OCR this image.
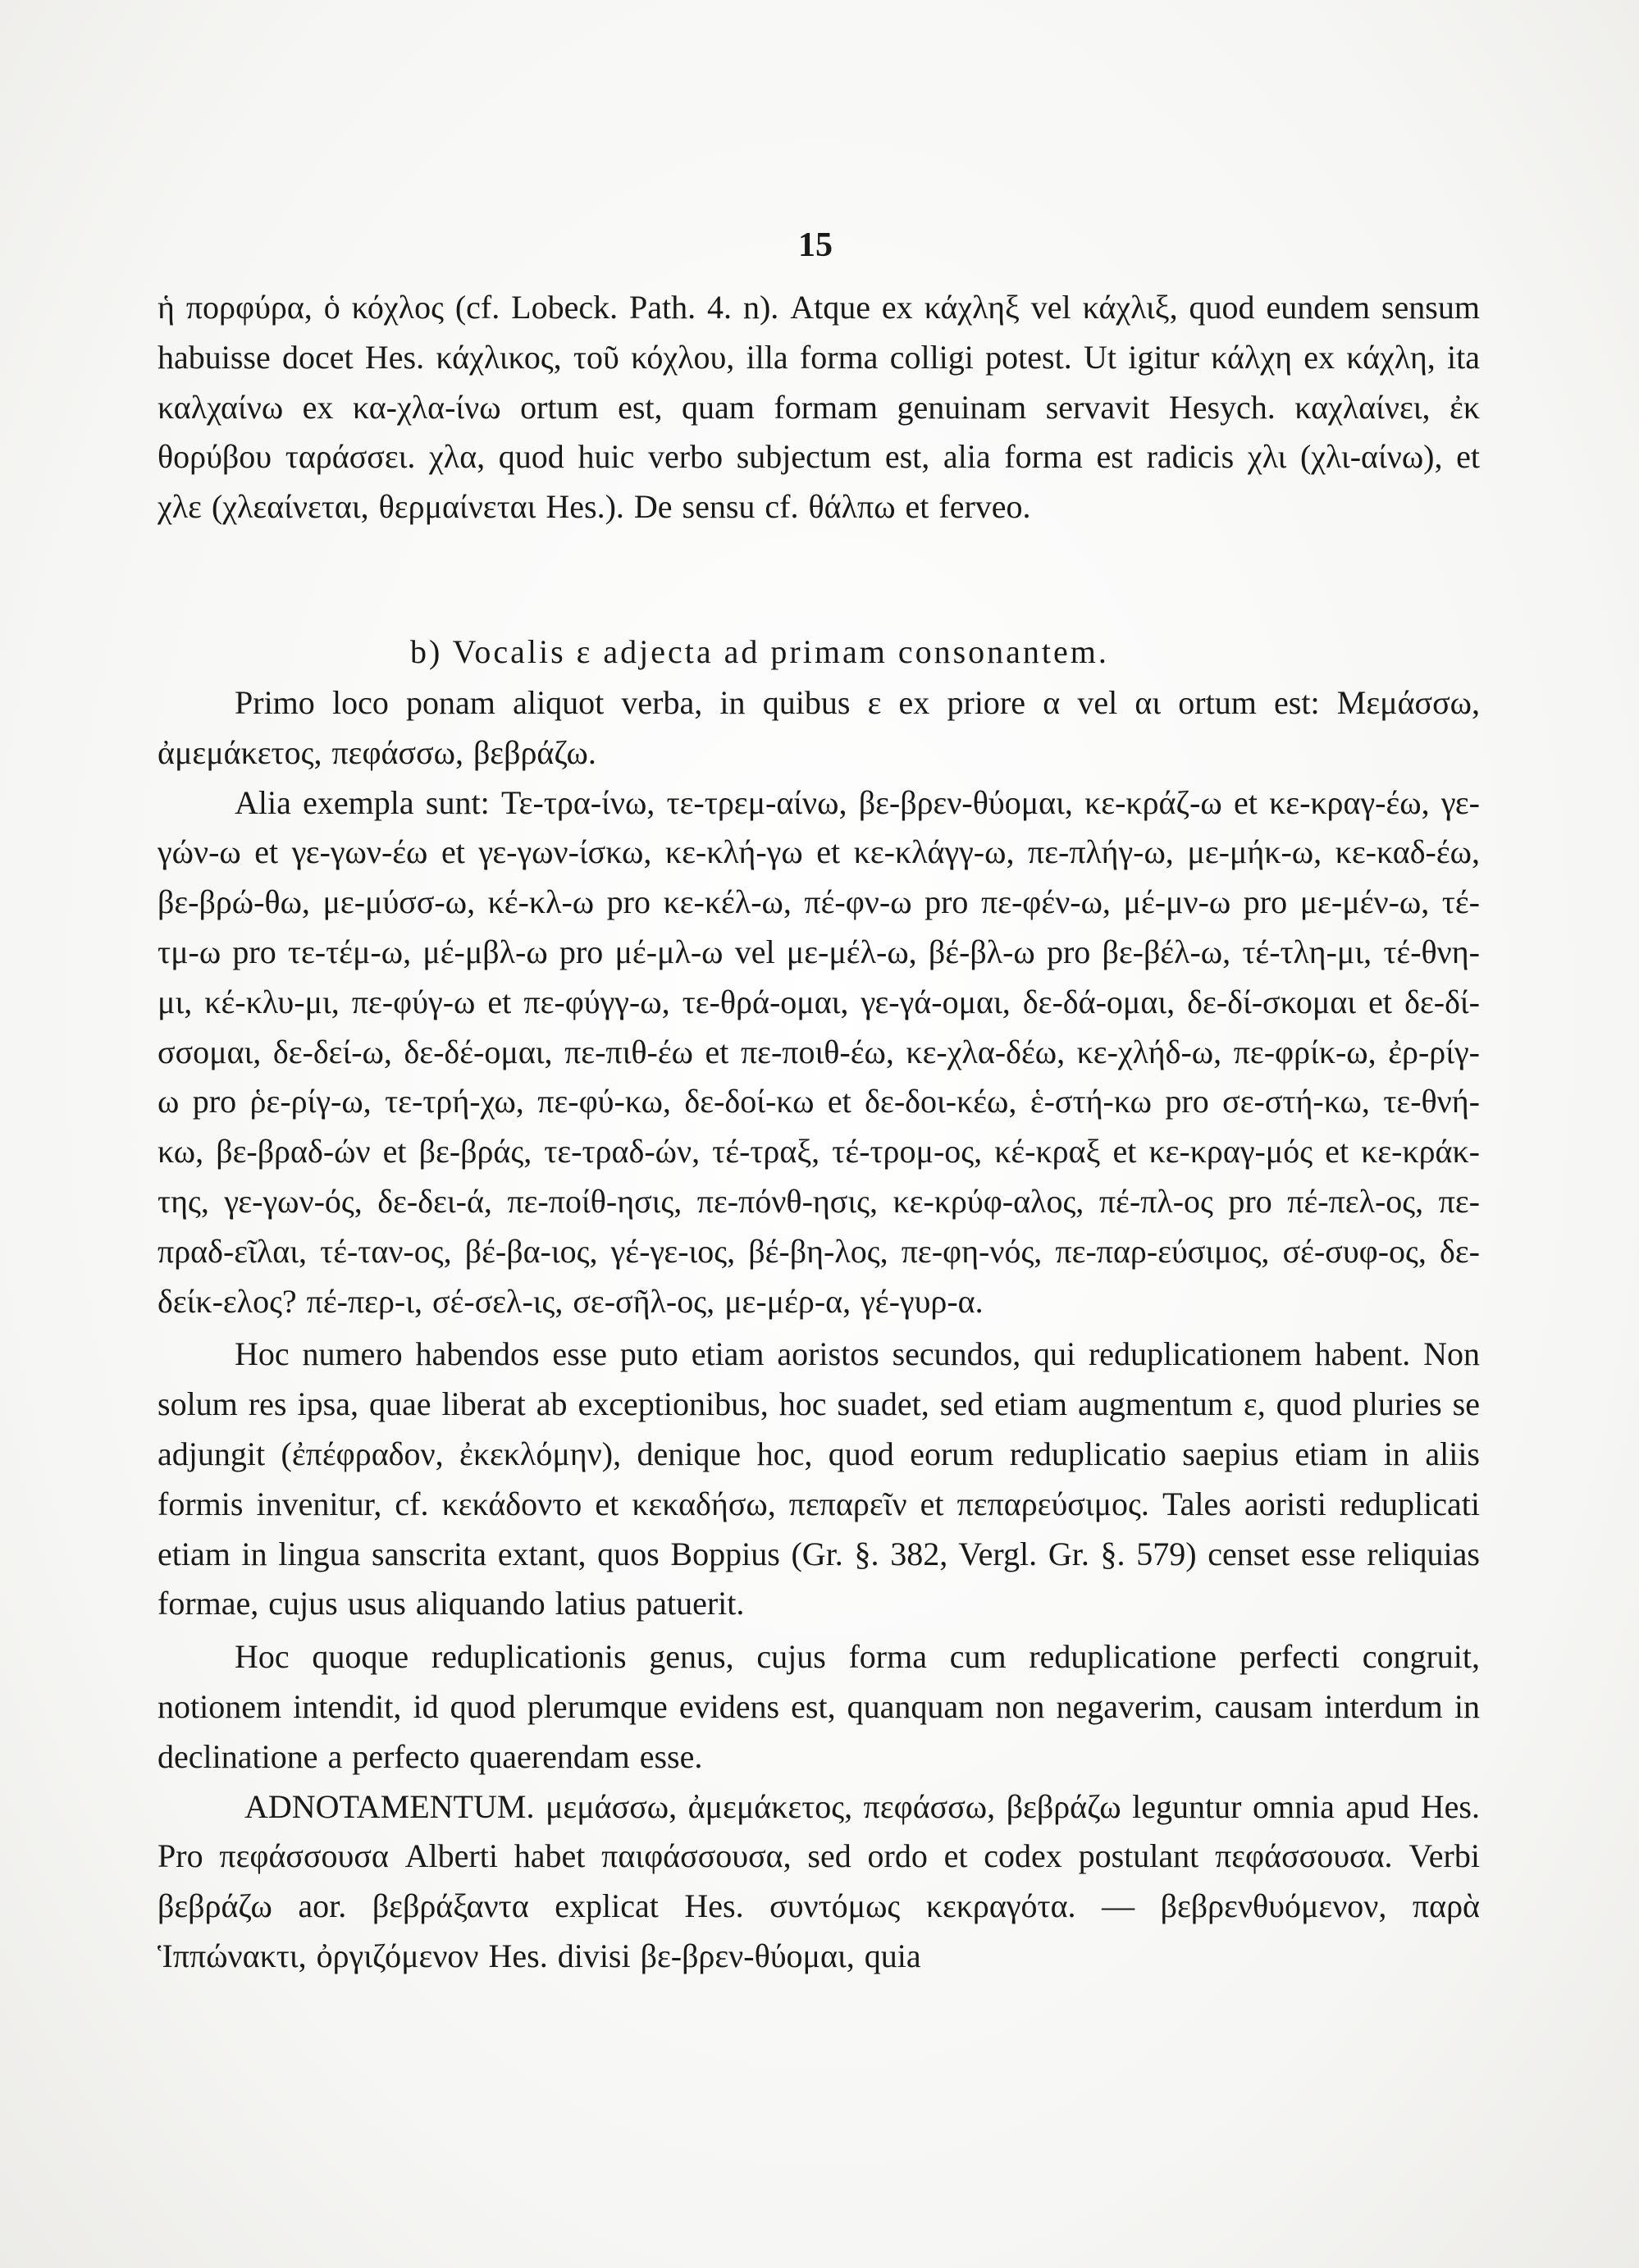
15

ἡ πορφύρα, ὁ κόχλος (cf. Lobeck. Path. 4. n). Atque ex κάχληξ vel κάχλιξ, quod eundem sensum habuisse docet Hes. κάχλικος, τοῦ κόχλου, illa forma colligi potest. Ut igitur κάλχη ex κάχλη, ita καλχαίνω ex κα-χλα-ίνω ortum est, quam formam genuinam servavit Hesych. καχλαίνει, ἐκ θορύβου ταράσσει. χλα, quod huic verbo subjectum est, alia forma est radicis χλι (χλι-αίνω), et χλε (χλεαίνεται, θερμαίνεται Hes.). De sensu cf. θάλπω et ferveo.

b) Vocalis ε adjecta ad primam consonantem.

Primo loco ponam aliquot verba, in quibus ε ex priore α vel αι ortum est: Μεμάσσω, ἀμεμάκετος, πεφάσσω, βεβράζω.

Alia exempla sunt: Τε-τρα-ίνω, τε-τρεμ-αίνω, βε-βρεν-θύομαι, κε-κράζ-ω et κε-κραγ-έω, γε-γών-ω et γε-γων-έω et γε-γων-ίσκω, κε-κλή-γω et κε-κλάγγ-ω, πε-πλήγ-ω, με-μήκ-ω, κε-καδ-έω, βε-βρώ-θω, με-μύσσ-ω, κέ-κλ-ω pro κε-κέλ-ω, πέ-φν-ω pro πε-φέν-ω, μέ-μν-ω pro με-μέν-ω, τέ-τμ-ω pro τε-τέμ-ω, μέ-μβλ-ω pro μέ-μλ-ω vel με-μέλ-ω, βέ-βλ-ω pro βε-βέλ-ω, τέ-τλη-μι, τέ-θνη-μι, κέ-κλυ-μι, πε-φύγ-ω et πε-φύγγ-ω, τε-θρά-ομαι, γε-γά-ομαι, δε-δά-ομαι, δε-δί-σκομαι et δε-δί-σσομαι, δε-δεί-ω, δε-δέ-ομαι, πε-πιθ-έω et πε-ποιθ-έω, κε-χλα-δέω, κε-χλήδ-ω, πε-φρίκ-ω, ἐρ-ρίγ-ω pro ῥε-ρίγ-ω, τε-τρή-χω, πε-φύ-κω, δε-δοί-κω et δε-δοι-κέω, ἑ-στή-κω pro σε-στή-κω, τε-θνή-κω, βε-βραδ-ών et βε-βράς, τε-τραδ-ών, τέ-τραξ, τέ-τρομ-ος, κέ-κραξ et κε-κραγ-μός et κε-κράκ-της, γε-γων-ός, δε-δει-ά, πε-ποίθ-ησις, πε-πόνθ-ησις, κε-κρύφ-αλος, πέ-πλ-ος pro πέ-πελ-ος, πε-πραδ-εῖλαι, τέ-ταν-ος, βέ-βα-ιος, γέ-γε-ιος, βέ-βη-λος, πε-φη-νός, πε-παρ-εύσιμος, σέ-συφ-ος, δε-δείκ-ελος? πέ-περ-ι, σέ-σελ-ις, σε-σῆλ-ος, με-μέρ-α, γέ-γυρ-α.

Hoc numero habendos esse puto etiam aoristos secundos, qui reduplicationem habent. Non solum res ipsa, quae liberat ab exceptionibus, hoc suadet, sed etiam augmentum ε, quod pluries se adjungit (ἐπέφραδον, ἐκεκλόμην), denique hoc, quod eorum reduplicatio saepius etiam in aliis formis invenitur, cf. κεκάδοντο et κεκαδήσω, πεπαρεῖν et πεπαρεύσιμος. Tales aoristi reduplicati etiam in lingua sanscrita extant, quos Boppius (Gr. §. 382, Vergl. Gr. §. 579) censet esse reliquias formae, cujus usus aliquando latius patuerit.

Hoc quoque reduplicationis genus, cujus forma cum reduplicatione perfecti congruit, notionem intendit, id quod plerumque evidens est, quanquam non negaverim, causam interdum in declinatione a perfecto quaerendam esse.

ADNOTAMENTUM. μεμάσσω, ἀμεμάκετος, πεφάσσω, βεβράζω leguntur omnia apud Hes. Pro πεφάσσουσα Alberti habet παιφάσσουσα, sed ordo et codex postulant πεφάσσουσα. Verbi βεβράζω aor. βεβράξαντα explicat Hes. συντόμως κεκραγότα. — βεβρενθυόμενον, παρὰ Ἱππώνακτι, ὀργιζόμενον Hes. divisi βε-βρεν-θύομαι, quia
